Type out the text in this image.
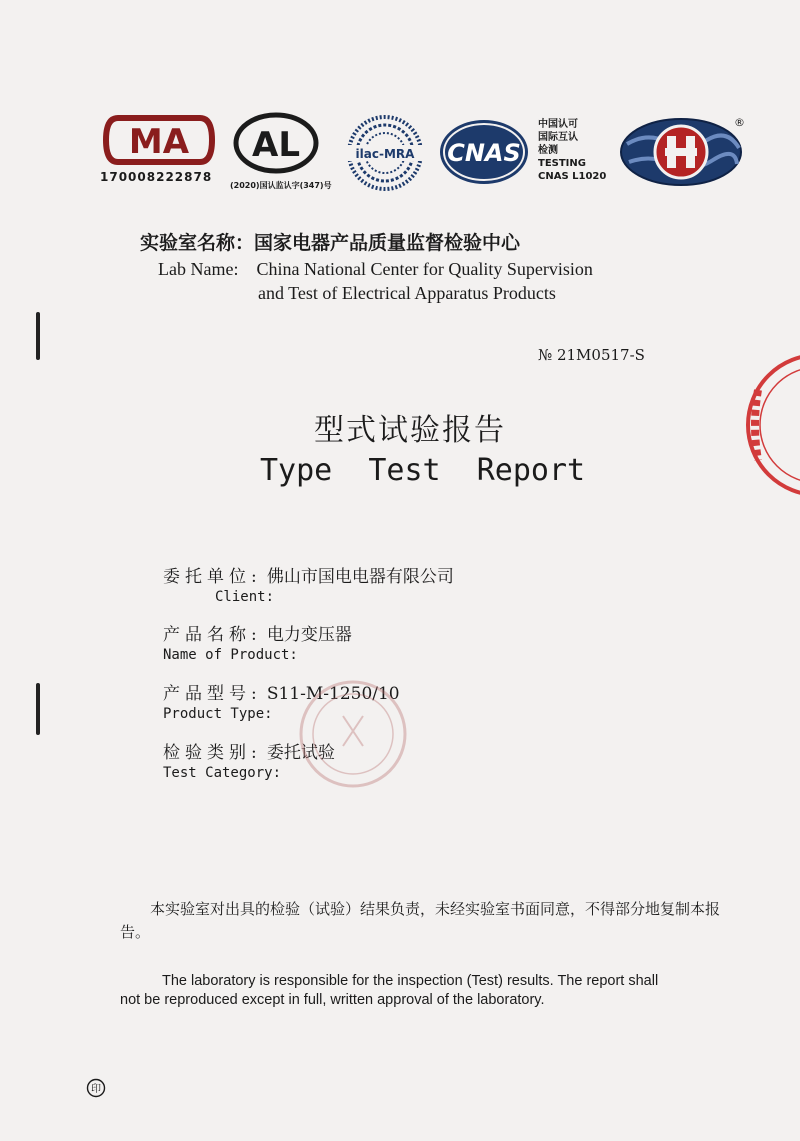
MA
170008222878
AL
(2020)国认监认字(347)号
ilac-MRA CNAS
中国认可
国际互认
检测
TESTING
CNAS L1020
®
实验室名称：国家电器产品质量监督检验中心
Lab Name: China National Center for Quality Supervision
and Test of Electrical Apparatus Products
№ 21M0517-S
型式试验报告
Type  Test  Report
委托单位: 佛山市国电电器有限公司
Client:
产品名称: 电力变压器
Name of Product:
产品型号: S11-M-1250/10
Product Type:
检验类别: 委托试验
Test Category:
本实验室对出具的检验（试验）结果负责，未经实验室书面同意，不得部分地复制本报告。
The laboratory is responsible for the inspection (Test) results. The report shall
not be reproduced except in full, written approval of the laboratory.
印
